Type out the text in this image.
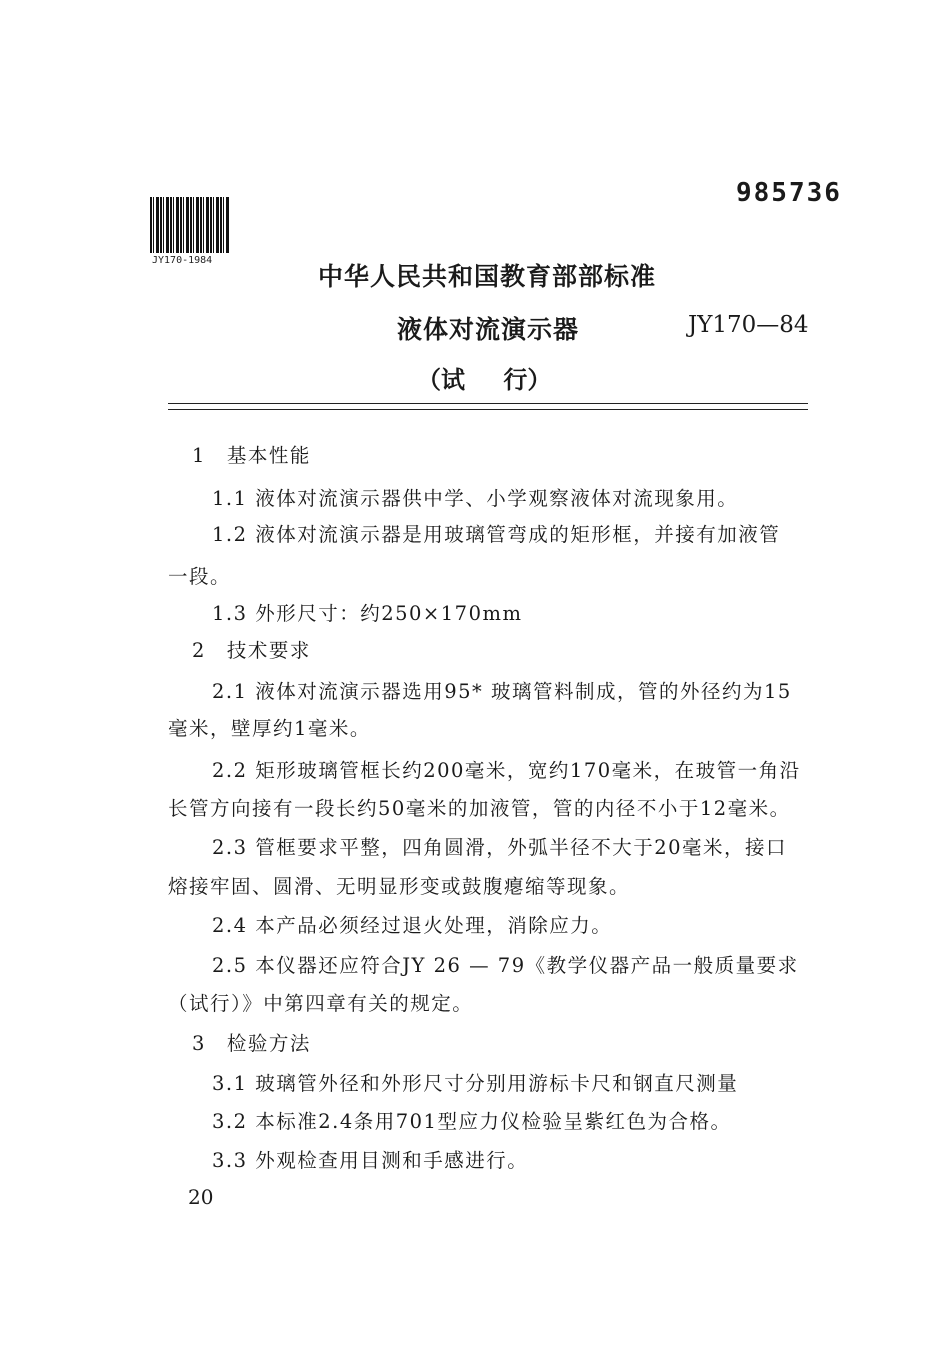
985736
JY170-1984
中华人民共和国教育部部标准
液体对流演示器	JY170—84
（试 行）
1　基本性能
1.1 液体对流演示器供中学、小学观察液体对流现象用。
1.2 液体对流演示器是用玻璃管弯成的矩形框，并接有加液管
一段。
1.3 外形尺寸：约250×170mm
2　技术要求
2.1 液体对流演示器选用95* 玻璃管料制成，管的外径约为15
毫米，壁厚约1毫米。
2.2 矩形玻璃管框长约200毫米，宽约170毫米，在玻管一角沿
长管方向接有一段长约50毫米的加液管，管的内径不小于12毫米。
2.3 管框要求平整，四角圆滑，外弧半径不大于20毫米，接口
熔接牢固、圆滑、无明显形变或鼓腹瘪缩等现象。
2.4 本产品必须经过退火处理，消除应力。
2.5 本仪器还应符合JY 26 — 79《教学仪器产品一般质量要求
（试行）》中第四章有关的规定。
3　检验方法
3.1 玻璃管外径和外形尺寸分别用游标卡尺和钢直尺测量
3.2 本标准2.4条用701型应力仪检验呈紫红色为合格。
3.3 外观检查用目测和手感进行。
20
